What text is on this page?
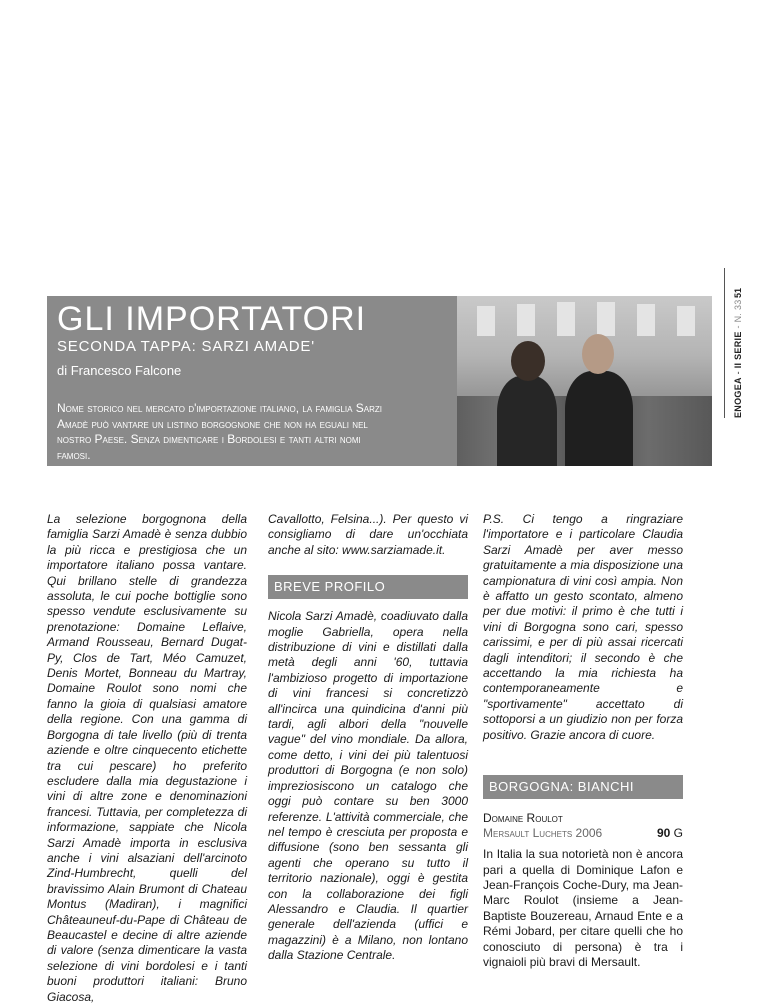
51
ENOGEA - II SERIE - N. 33
GLI IMPORTATORI
SECONDA TAPPA: SARZI AMADE'
di Francesco Falcone
Nome storico nel mercato d'importazione italiano, la famiglia Sarzi Amadè può vantare un listino borgognone che non ha eguali nel nostro Paese. Senza dimenticare i Bordolesi e tanti altri nomi famosi.

La selezione borgognona della famiglia Sarzi Amadè è senza dubbio la più ricca e prestigiosa che un importatore italiano possa vantare. Qui brillano stelle di grandezza assoluta, le cui poche bottiglie sono spesso vendute esclusivamente su prenotazione: Domaine Leflaive, Armand Rousseau, Bernard Dugat-Py, Clos de Tart, Méo Camuzet, Denis Mortet, Bonneau du Martray, Domaine Roulot sono nomi che fanno la gioia di qualsiasi amatore della regione. Con una gamma di Borgogna di tale livello (più di trenta aziende e oltre cinquecento etichette tra cui pescare) ho preferito escludere dalla mia degustazione i vini di altre zone e denominazioni francesi. Tuttavia, per completezza di informazione, sappiate che Nicola Sarzi Amadè importa in esclusiva anche i vini alsaziani dell'arcinoto Zind-Humbrecht, quelli del bravissimo Alain Brumont di Chateau Montus (Madiran), i magnifici Châteauneuf-du-Pape di Château de Beaucastel e decine di altre aziende di valore (senza dimenticare la vasta selezione di vini bordolesi e i tanti buoni produttori italiani: Bruno Giacosa,

Cavallotto, Felsina...). Per questo vi consigliamo di dare un'occhiata anche al sito: www.sarziamade.it.

BREVE PROFILO

Nicola Sarzi Amadè, coadiuvato dalla moglie Gabriella, opera nella distribuzione di vini e distillati dalla metà degli anni '60, tuttavia l'ambizioso progetto di importazione di vini francesi si concretizzò all'incirca una quindicina d'anni più tardi, agli albori della "nouvelle vague" del vino mondiale. Da allora, come detto, i vini dei più talentuosi produttori di Borgogna (e non solo) impreziosiscono un catalogo che oggi può contare su ben 3000 referenze. L'attività commerciale, che nel tempo è cresciuta per proposta e diffusione (sono ben sessanta gli agenti che operano su tutto il territorio nazionale), oggi è gestita con la collaborazione dei figli Alessandro e Claudia. Il quartier generale dell'azienda (uffici e magazzini) è a Milano, non lontano dalla Stazione Centrale.

P.S. Ci tengo a ringraziare l'importatore e i particolare Claudia Sarzi Amadè per aver messo gratuitamente a mia disposizione una campionatura di vini così ampia. Non è affatto un gesto scontato, almeno per due motivi: il primo è che tutti i vini di Borgogna sono cari, spesso carissimi, e per di più assai ricercati dagli intenditori; il secondo è che accettando la mia richiesta ha contemporaneamente e "sportivamente" accettato di sottoporsi a un giudizio non per forza positivo. Grazie ancora di cuore.

BORGOGNA: BIANCHI
Domaine Roulot
Mersault Luchets 2006	90 G

In Italia la sua notorietà non è ancora pari a quella di Dominique Lafon e Jean-François Coche-Dury, ma Jean-Marc Roulot (insieme a Jean-Baptiste Bouzereau, Arnaud Ente e a Rémi Jobard, per citare quelli che ho conosciuto di persona) è tra i vignaioli più bravi di Mersault.
